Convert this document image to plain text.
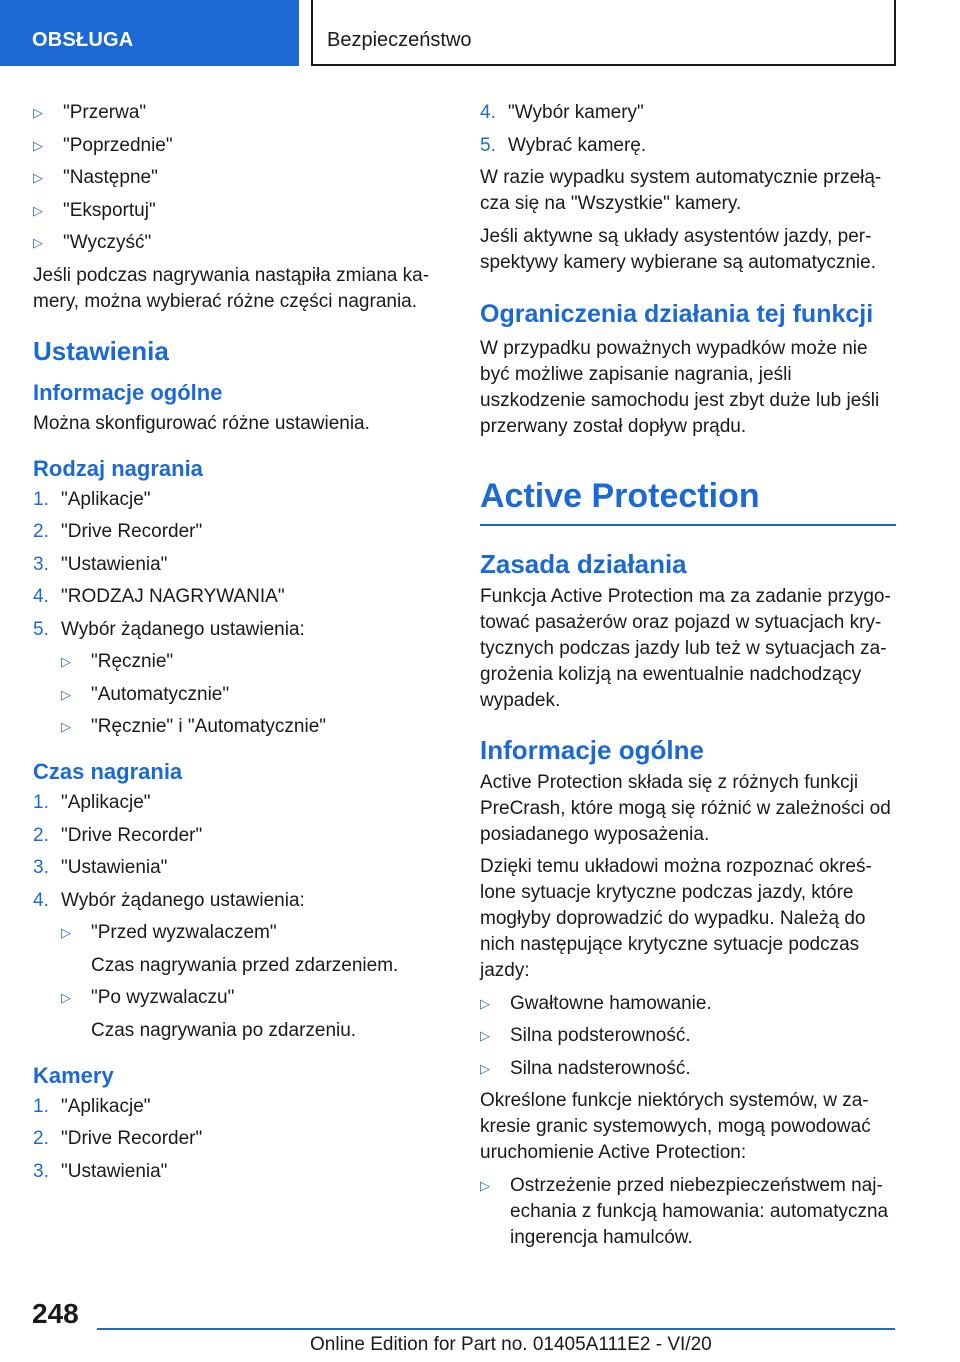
OBSŁUGA	Bezpieczeństwo
▷	"Przerwa"
▷	"Poprzednie"
▷	"Następne"
▷	"Eksportuj"
▷	"Wyczyść"

Jeśli podczas nagrywania nastąpiła zmiana ka-mery, można wybierać różne części nagrania.

Ustawienia
Informacje ogólne

Można skonfigurować różne ustawienia.

Rodzaj nagrania
1. "Aplikacje"
2. "Drive Recorder"
3. "Ustawienia"
4. "RODZAJ NAGRYWANIA"
5. Wybór żądanego ustawienia:
▷	"Ręcznie"
▷	"Automatycznie"
▷	"Ręcznie" i "Automatycznie"
Czas nagrania
1. "Aplikacje"
2. "Drive Recorder"
3. "Ustawienia"
4. Wybór żądanego ustawienia:
▷	"Przed wyzwalaczem"
Czas nagrywania przed zdarzeniem.
▷	"Po wyzwalaczu"
Czas nagrywania po zdarzeniu.
Kamery
1. "Aplikacje"
2. "Drive Recorder"
3. "Ustawienia"
4. "Wybór kamery"
5. Wybrać kamerę.

W razie wypadku system automatycznie przełą-cza się na "Wszystkie" kamery.

Jeśli aktywne są układy asystentów jazdy, per-spektywy kamery wybierane są automatycznie.

Ograniczenia działania tej funkcji

W przypadku poważnych wypadków może nie być możliwe zapisanie nagrania, jeśli uszkodzenie samochodu jest zbyt duże lub jeśli przerwany został dopływ prądu.

Active Protection
Zasada działania

Funkcja Active Protection ma za zadanie przygo-tować pasażerów oraz pojazd w sytuacjach kry-tycznych podczas jazdy lub też w sytuacjach za-grożenia kolizją na ewentualnie nadchodzący wypadek.

Informacje ogólne

Active Protection składa się z różnych funkcji PreCrash, które mogą się różnić w zależności od posiadanego wyposażenia.

Dzięki temu układowi można rozpoznać okreś-lone sytuacje krytyczne podczas jazdy, które mogłyby doprowadzić do wypadku. Należą do nich następujące krytyczne sytuacje podczas jazdy:

▷	Gwałtowne hamowanie.
▷	Silna podsterowność.
▷	Silna nadsterowność.

Określone funkcje niektórych systemów, w za-kresie granic systemowych, mogą powodować uruchomienie Active Protection:

▷	Ostrzeżenie przed niebezpieczeństwem naj-echania z funkcją hamowania: automatyczna ingerencja hamulców.
248
Online Edition for Part no. 01405A111E2 - VI/20
